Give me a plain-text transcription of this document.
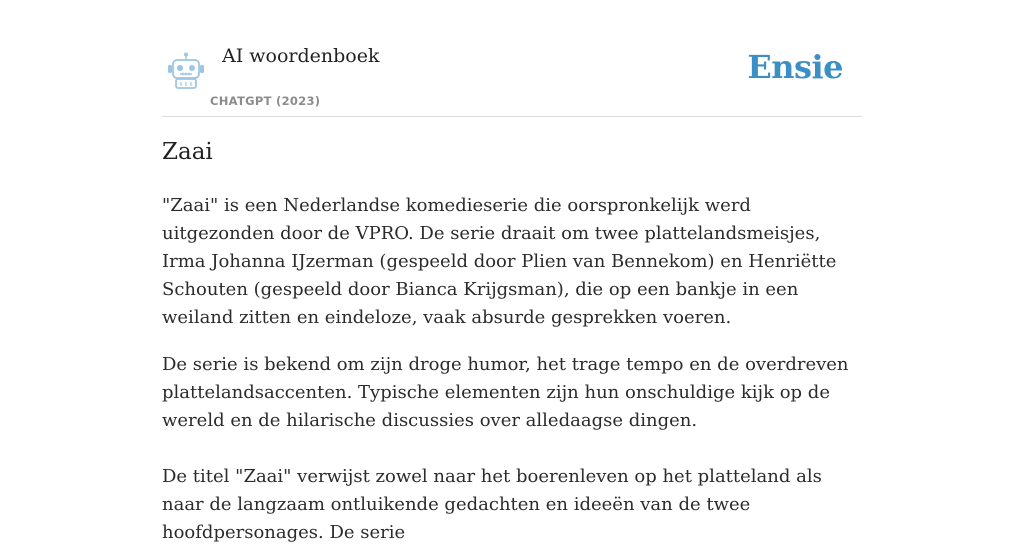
AI woordenboek
CHATGPT (2023)
Ensie
Zaai

"Zaai" is een Nederlandse komedieserie die oorspronkelijk werd uitgezonden door de VPRO. De serie draait om twee plattelandsmeisjes, Irma Johanna IJzerman (gespeeld door Plien van Bennekom) en Henriëtte Schouten (gespeeld door Bianca Krijgsman), die op een bankje in een weiland zitten en eindeloze, vaak absurde gesprekken voeren.

De serie is bekend om zijn droge humor, het trage tempo en de overdreven plattelandsaccenten. Typische elementen zijn hun onschuldige kijk op de wereld en de hilarische discussies over alledaagse dingen.

De titel "Zaai" verwijst zowel naar het boerenleven op het platteland als naar de langzaam ontluikende gedachten en ideeën van de twee hoofdpersonages. De serie
